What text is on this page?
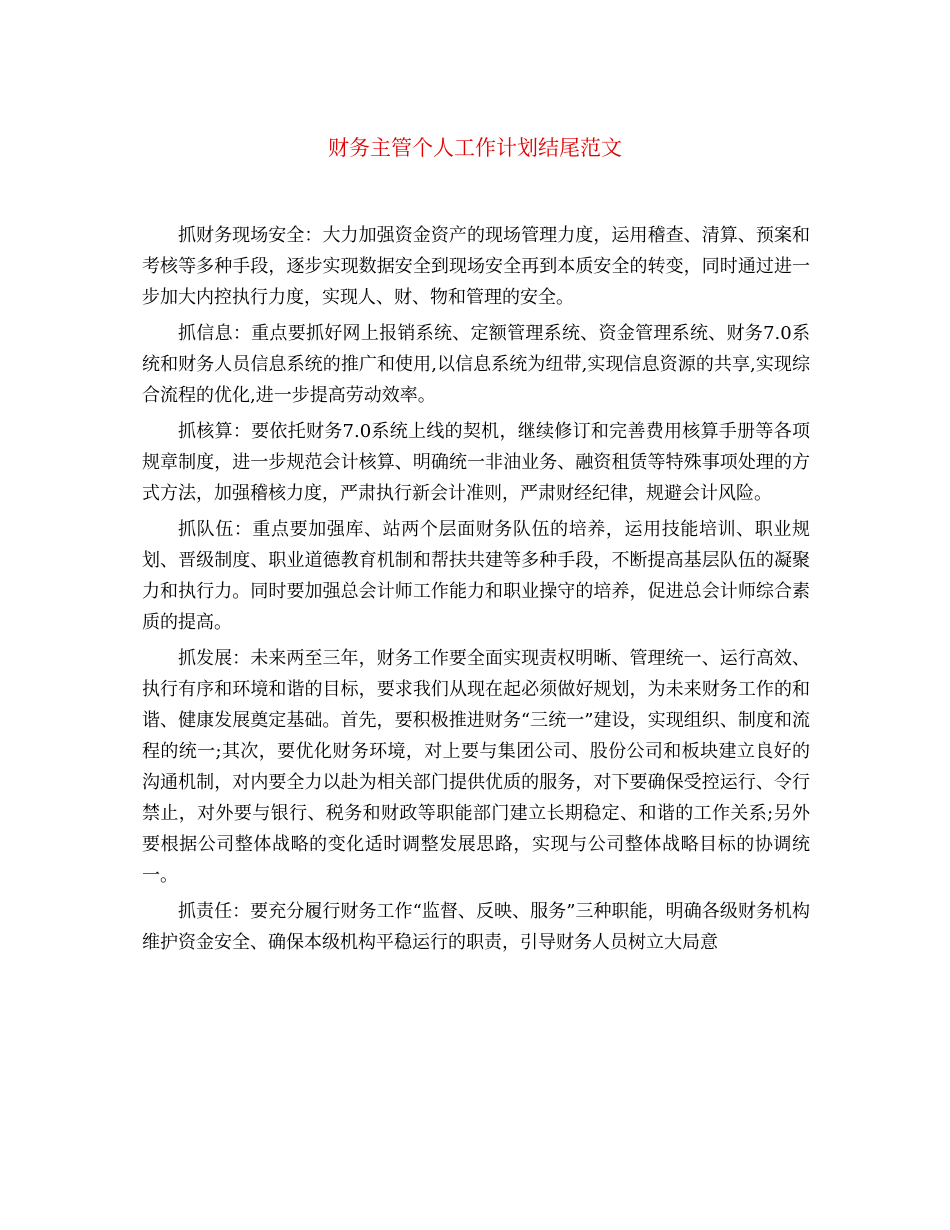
财务主管个人工作计划结尾范文

抓财务现场安全：大力加强资金资产的现场管理力度，运用稽查、清算、预案和考核等多种手段，逐步实现数据安全到现场安全再到本质安全的转变，同时通过进一步加大内控执行力度，实现人、财、物和管理的安全。

抓信息：重点要抓好网上报销系统、定额管理系统、资金管理系统、财务7.0系统和财务人员信息系统的推广和使用,以信息系统为纽带,实现信息资源的共享,实现综合流程的优化,进一步提高劳动效率。

抓核算：要依托财务7.0系统上线的契机，继续修订和完善费用核算手册等各项规章制度，进一步规范会计核算、明确统一非油业务、融资租赁等特殊事项处理的方式方法，加强稽核力度，严肃执行新会计准则，严肃财经纪律，规避会计风险。

抓队伍：重点要加强库、站两个层面财务队伍的培养，运用技能培训、职业规划、晋级制度、职业道德教育机制和帮扶共建等多种手段，不断提高基层队伍的凝聚力和执行力。同时要加强总会计师工作能力和职业操守的培养，促进总会计师综合素质的提高。

抓发展：未来两至三年，财务工作要全面实现责权明晰、管理统一、运行高效、执行有序和环境和谐的目标，要求我们从现在起必须做好规划，为未来财务工作的和谐、健康发展奠定基础。首先，要积极推进财务“三统一”建设，实现组织、制度和流程的统一;其次，要优化财务环境，对上要与集团公司、股份公司和板块建立良好的沟通机制，对内要全力以赴为相关部门提供优质的服务，对下要确保受控运行、令行禁止，对外要与银行、税务和财政等职能部门建立长期稳定、和谐的工作关系;另外要根据公司整体战略的变化适时调整发展思路，实现与公司整体战略目标的协调统一。

抓责任：要充分履行财务工作“监督、反映、服务”三种职能，明确各级财务机构维护资金安全、确保本级机构平稳运行的职责，引导财务人员树立大局意
